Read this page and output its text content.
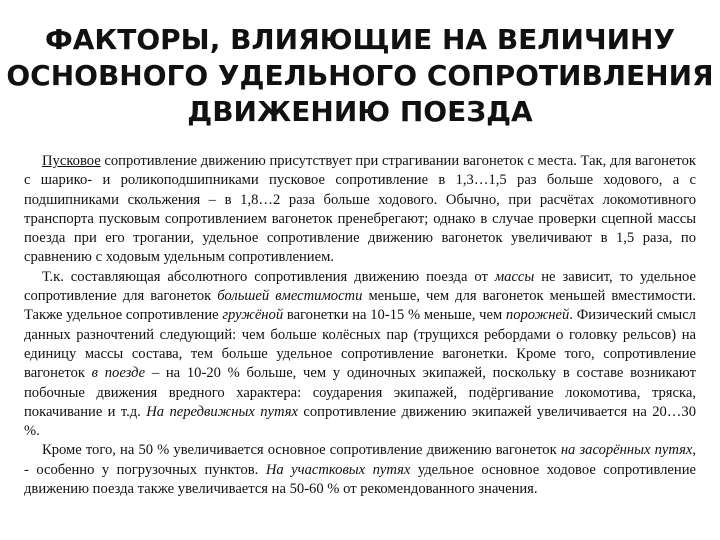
ФАКТОРЫ, ВЛИЯЮЩИЕ НА ВЕЛИЧИНУ
ОСНОВНОГО УДЕЛЬНОГО СОПРОТИВЛЕНИЯ
ДВИЖЕНИЮ ПОЕЗДА

Пусковое сопротивление движению присутствует при страгивании вагонеток с места. Так, для вагонеток с шарико- и роликоподшипниками пусковое сопротивление в 1,3…1,5 раз больше ходового, а с подшипниками скольжения – в 1,8…2 раза больше ходового. Обычно, при расчётах локомотивного транспорта пусковым сопротивлением вагонеток пренебрегают; однако в случае проверки сцепной массы поезда при его трогании, удельное сопротивление движению вагонеток увеличивают в 1,5 раза, по сравнению с ходовым удельным сопротивлением.

Т.к. составляющая абсолютного сопротивления движению поезда от массы не зависит, то удельное сопротивление для вагонеток большей вместимости меньше, чем для вагонеток меньшей вместимости. Также удельное сопротивление гружёной вагонетки на 10-15 % меньше, чем порожней. Физический смысл данных разночтений следующий: чем больше колёсных пар (трущихся ребордами о головку рельсов) на единицу массы состава, тем больше удельное сопротивление вагонетки. Кроме того, сопротивление вагонеток в поезде – на 10-20 % больше, чем у одиночных экипажей, поскольку в составе возникают побочные движения вредного характера: соударения экипажей, подёргивание локомотива, тряска, покачивание и т.д. На передвижных путях сопротивление движению экипажей увеличивается на 20…30 %.

Кроме того, на 50 % увеличивается основное сопротивление движению вагонеток на засорённых путях, - особенно у погрузочных пунктов. На участковых путях удельное основное ходовое сопротивление движению поезда также увеличивается на 50-60 % от рекомендованного значения.
